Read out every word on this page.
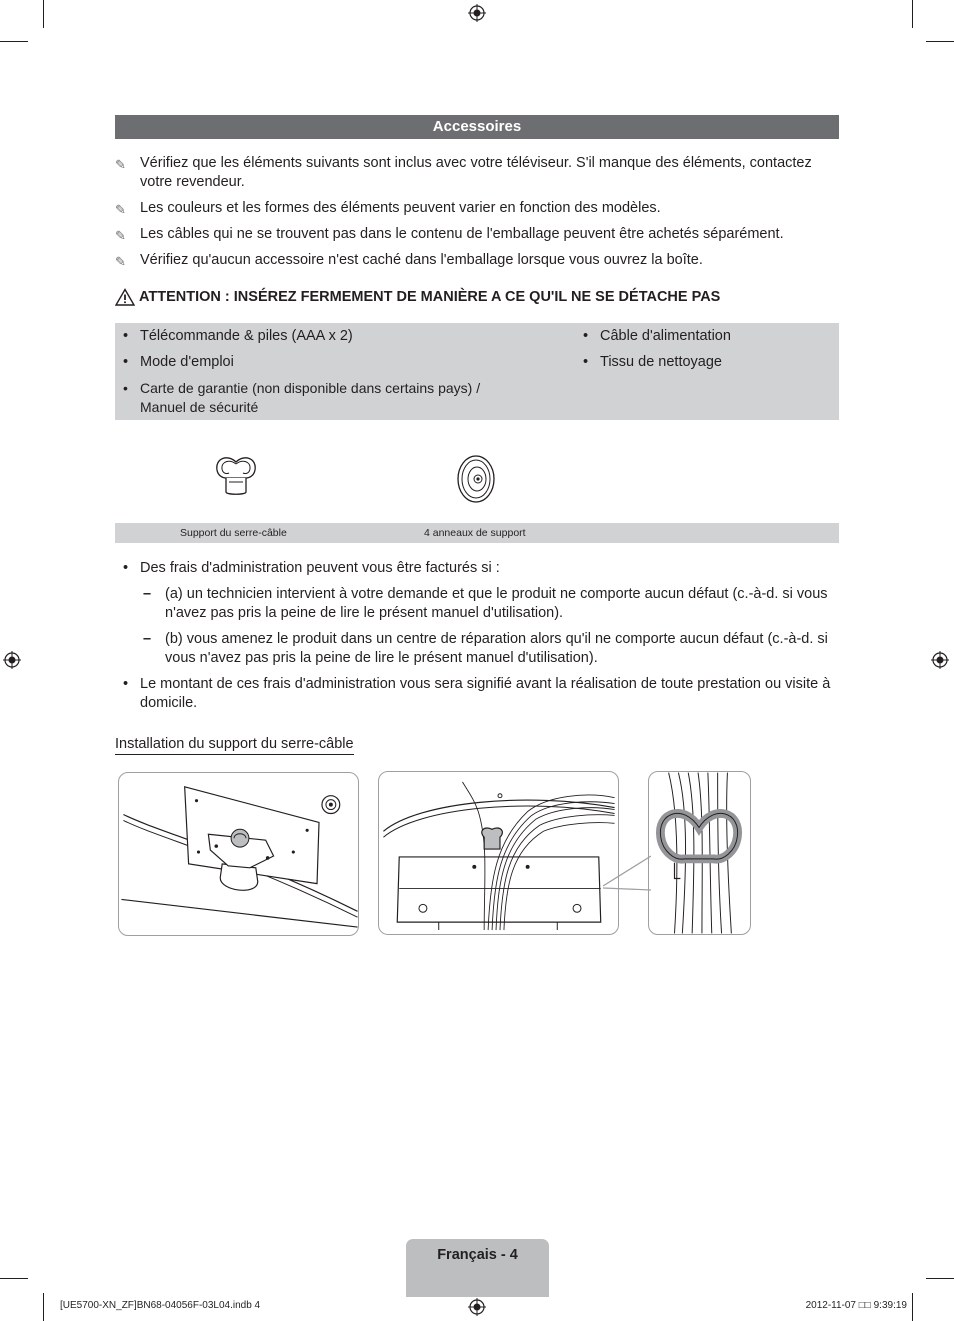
Accessoires
✎ Vérifiez que les éléments suivants sont inclus avec votre téléviseur. S'il manque des éléments, contactez votre revendeur.
✎ Les couleurs et les formes des éléments peuvent varier en fonction des modèles.
✎ Les câbles qui ne se trouvent pas dans le contenu de l'emballage peuvent être achetés séparément.
✎ Vérifiez qu'aucun accessoire n'est caché dans l'emballage lorsque vous ouvrez la boîte.
ATTENTION : INSÉREZ FERMEMENT DE MANIÈRE A CE QU'IL NE SE DÉTACHE PAS
• Télécommande & piles (AAA x 2)
• Mode d'emploi
• Carte de garantie (non disponible dans certains pays) / Manuel de sécurité
• Câble d'alimentation
• Tissu de nettoyage
Support du serre-câble	4 anneaux de support
• Des frais d'administration peuvent vous être facturés si :
– (a) un technicien intervient à votre demande et que le produit ne comporte aucun défaut (c.-à-d. si vous n'avez pas pris la peine de lire le présent manuel d'utilisation).
– (b) vous amenez le produit dans un centre de réparation alors qu'il ne comporte aucun défaut (c.-à-d. si vous n'avez pas pris la peine de lire le présent manuel d'utilisation).
• Le montant de ces frais d'administration vous sera signifié avant la réalisation de toute prestation ou visite à domicile.
Installation du support du serre-câble
Français - 4
[UE5700-XN_ZF]BN68-04056F-03L04.indb 4	2012-11-07 □□ 9:39:19
